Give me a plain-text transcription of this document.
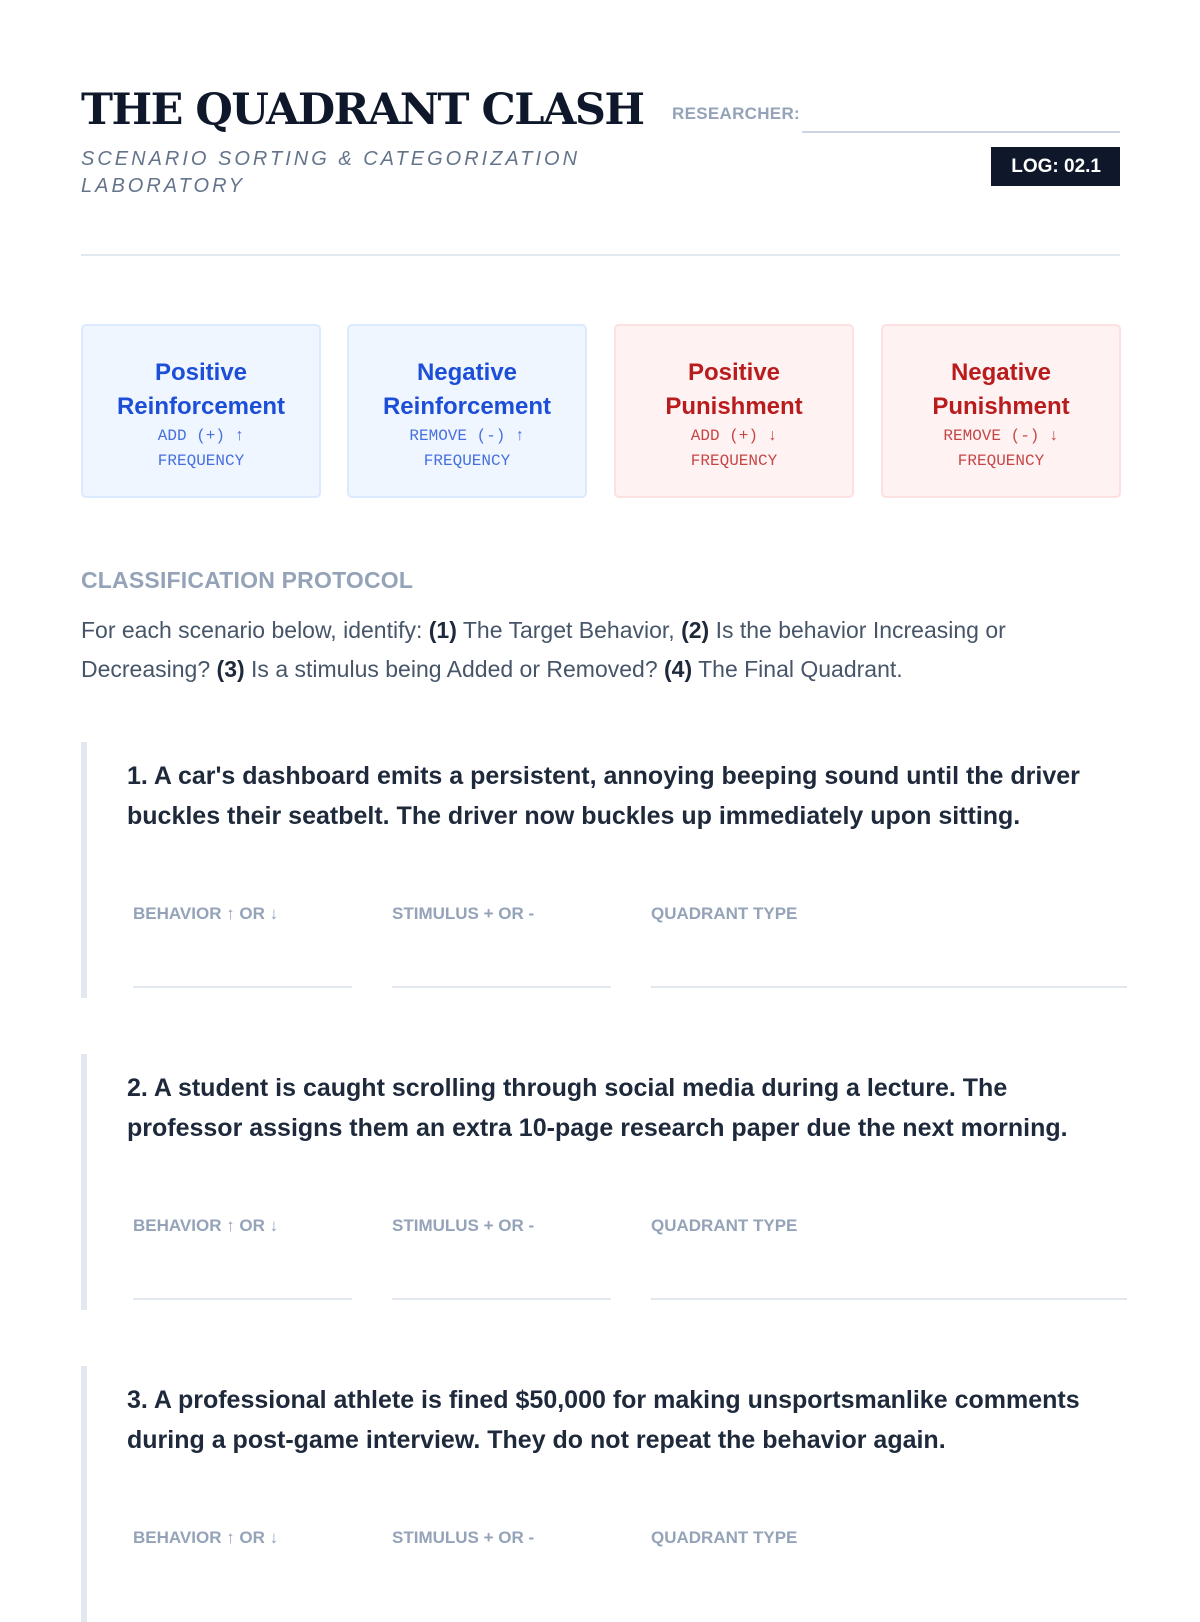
THE QUADRANT CLASH
SCENARIO SORTING & CATEGORIZATION LABORATORY
RESEARCHER:
LOG: 02.1
Positive Reinforcement
ADD (+) ↑
FREQUENCY
Negative Reinforcement
REMOVE (-) ↑
FREQUENCY
Positive Punishment
ADD (+) ↓
FREQUENCY
Negative Punishment
REMOVE (-) ↓
FREQUENCY
CLASSIFICATION PROTOCOL

For each scenario below, identify: (1) The Target Behavior, (2) Is the behavior Increasing or Decreasing? (3) Is a stimulus being Added or Removed? (4) The Final Quadrant.

1. A car's dashboard emits a persistent, annoying beeping sound until the driver buckles their seatbelt. The driver now buckles up immediately upon sitting.
BEHAVIOR ↑ OR ↓	STIMULUS + OR -	QUADRANT TYPE
2. A student is caught scrolling through social media during a lecture. The professor assigns them an extra 10-page research paper due the next morning.
BEHAVIOR ↑ OR ↓	STIMULUS + OR -	QUADRANT TYPE
3. A professional athlete is fined $50,000 for making unsportsmanlike comments during a post-game interview. They do not repeat the behavior again.
BEHAVIOR ↑ OR ↓	STIMULUS + OR -	QUADRANT TYPE
